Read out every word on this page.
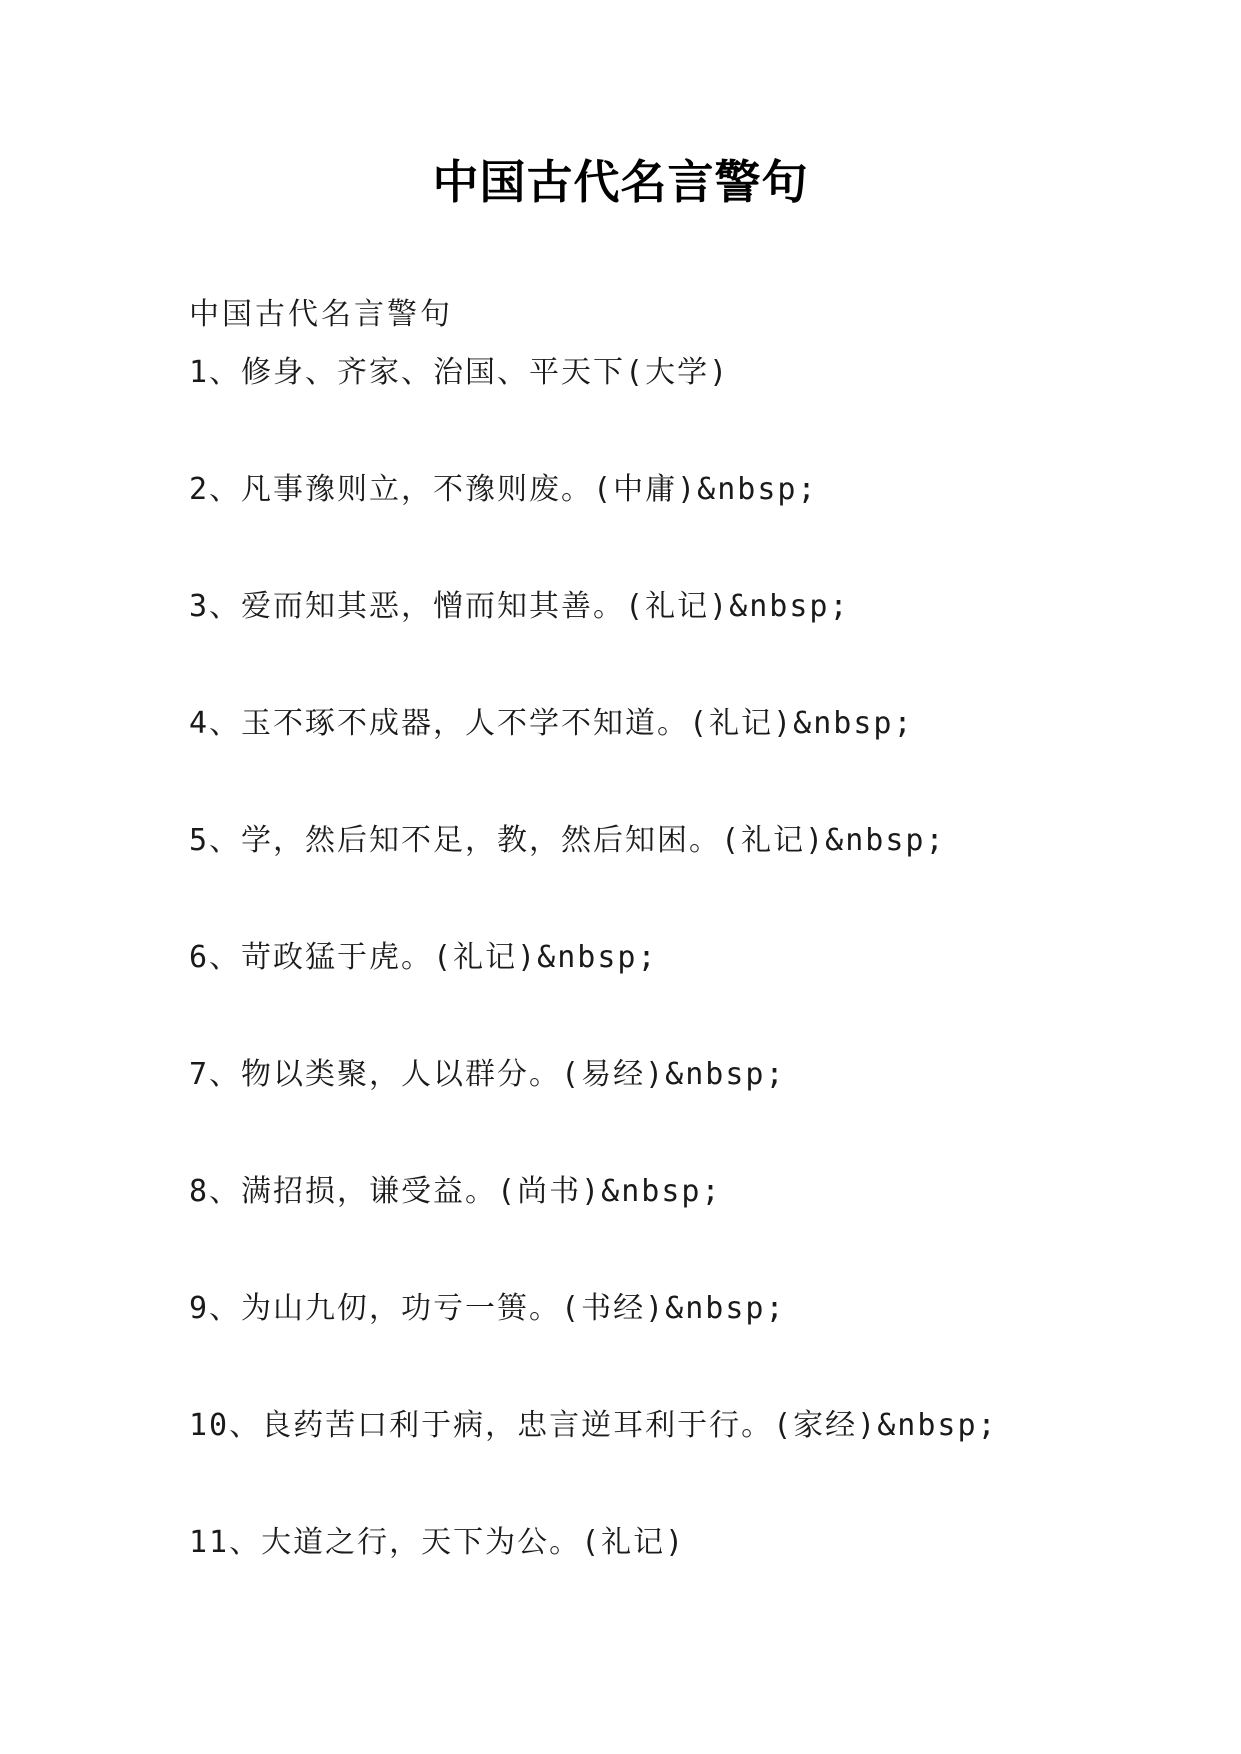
中国古代名言警句

中国古代名言警句

1、修身、齐家、治国、平天下(大学)
2、凡事豫则立，不豫则废。(中庸)&nbsp;
3、爱而知其恶，憎而知其善。(礼记)&nbsp;
4、玉不琢不成器，人不学不知道。(礼记)&nbsp;
5、学，然后知不足，教，然后知困。(礼记)&nbsp;
6、苛政猛于虎。(礼记)&nbsp;
7、物以类聚，人以群分。(易经)&nbsp;
8、满招损，谦受益。(尚书)&nbsp;
9、为山九仞，功亏一篑。(书经)&nbsp;
10、良药苦口利于病，忠言逆耳利于行。(家经)&nbsp;
11、大道之行，天下为公。(礼记)
